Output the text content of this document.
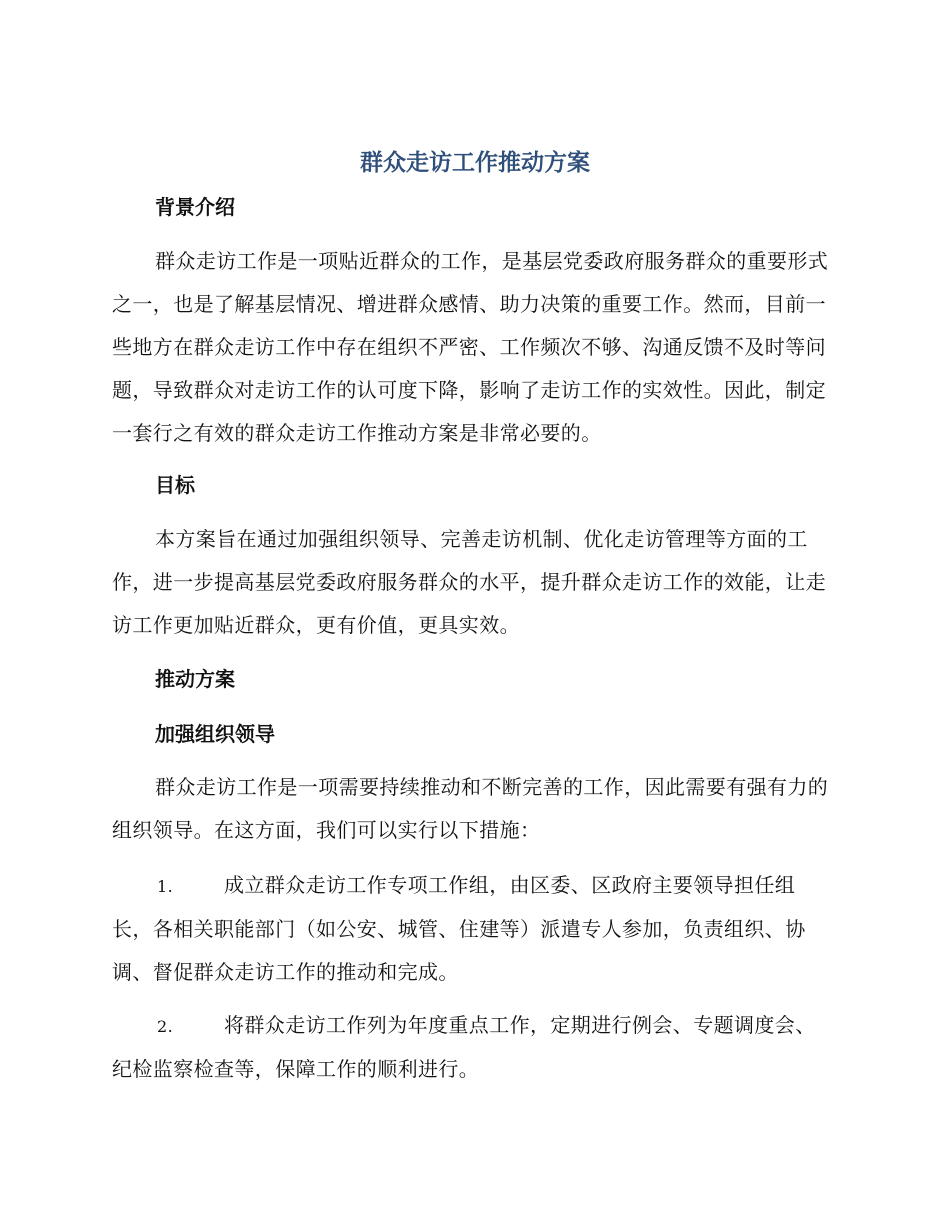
群众走访工作推动方案
背景介绍

群众走访工作是一项贴近群众的工作，是基层党委政府服务群众的重要形式之一，也是了解基层情况、增进群众感情、助力决策的重要工作。然而，目前一些地方在群众走访工作中存在组织不严密、工作频次不够、沟通反馈不及时等问题，导致群众对走访工作的认可度下降，影响了走访工作的实效性。因此，制定一套行之有效的群众走访工作推动方案是非常必要的。

目标

本方案旨在通过加强组织领导、完善走访机制、优化走访管理等方面的工作，进一步提高基层党委政府服务群众的水平，提升群众走访工作的效能，让走访工作更加贴近群众，更有价值，更具实效。

推动方案
加强组织领导

群众走访工作是一项需要持续推动和不断完善的工作，因此需要有强有力的组织领导。在这方面，我们可以实行以下措施：

1.	成立群众走访工作专项工作组，由区委、区政府主要领导担任组长，各相关职能部门（如公安、城管、住建等）派遣专人参加，负责组织、协调、督促群众走访工作的推动和完成。
2.	将群众走访工作列为年度重点工作，定期进行例会、专题调度会、纪检监察检查等，保障工作的顺利进行。
